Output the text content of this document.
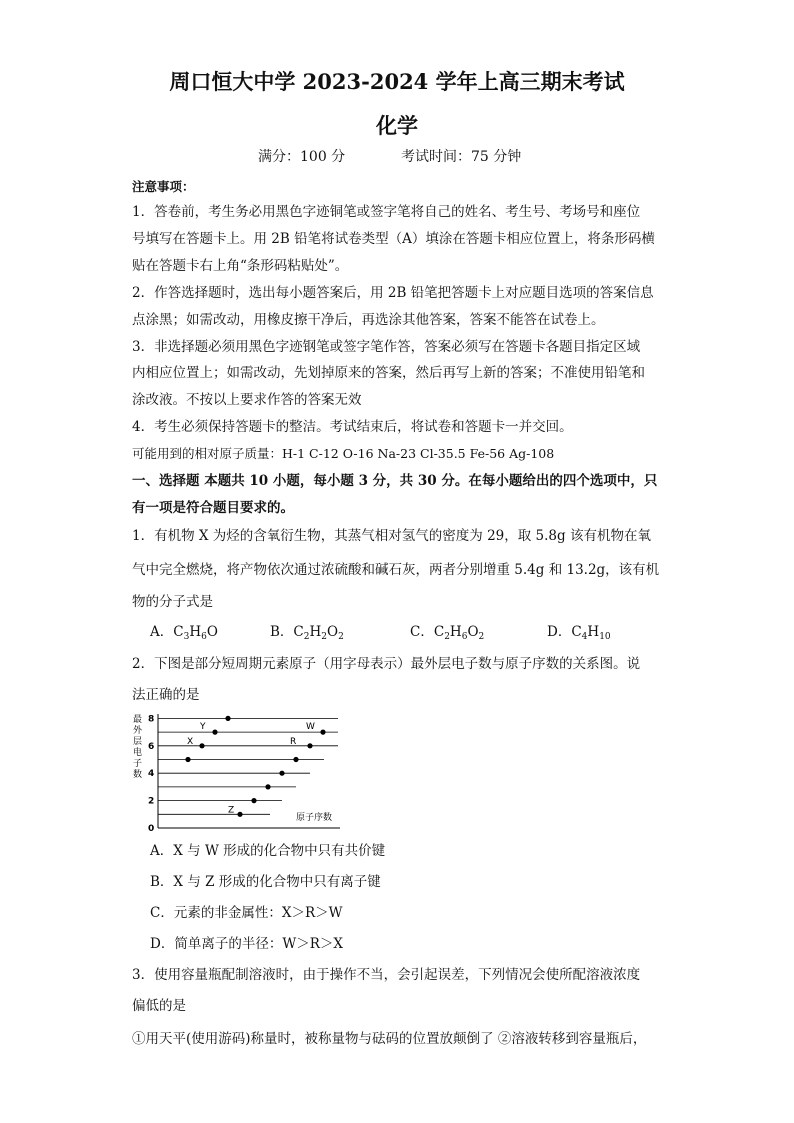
周口恒大中学 2023-2024 学年上高三期末考试
化学
满分：100 分	考试时间：75 分钟
注意事项：
1．答卷前，考生务必用黑色字迹铜笔或签字笔将自己的姓名、考生号、考场号和座位
号填写在答题卡上。用 2B 铅笔将试卷类型（A）填涂在答题卡相应位置上，将条形码横
贴在答题卡右上角“条形码粘贴处”。
2．作答选择题时，选出每小题答案后，用 2B 铅笔把答题卡上对应题目选项的答案信息
点涂黑；如需改动，用橡皮擦干净后，再选涂其他答案，答案不能答在试卷上。
3．非选择题必须用黑色字迹钢笔或签字笔作答，答案必须写在答题卡各题目指定区域
内相应位置上；如需改动，先划掉原来的答案，然后再写上新的答案；不准使用铅笔和
涂改液。不按以上要求作答的答案无效
4．考生必须保持答题卡的整洁。考试结束后，将试卷和答题卡一并交回。
可能用到的相对原子质量：H-1 C-12 O-16 Na-23 Cl-35.5 Fe-56 Ag-108
一、选择题 本题共 10 小题，每小题 3 分，共 30 分。在每小题给出的四个选项中，只
有一项是符合题目要求的。
1．有机物 X 为烃的含氧衍生物，其蒸气相对氢气的密度为 29，取 5.8g 该有机物在氧
气中完全燃烧，将产物依次通过浓硫酸和碱石灰，两者分别增重 5.4g 和 13.2g，该有机
物的分子式是
A．$C_3H_6O$	B．$C_2H_2O_2$	C．$C_2H_6O_2$	D．$C_4H_{10}$
2．下图是部分短周期元素原子（用字母表示）最外层电子数与原子序数的关系图。说
法正确的是
最
外
层
电
子
数
0
2
4
6
8
Y
X
W
R
Z
原子序数
A．X 与 W 形成的化合物中只有共价键
B．X 与 Z 形成的化合物中只有离子键
C．元素的非金属性：X＞R＞W
D．简单离子的半径：W＞R＞X
3．使用容量瓶配制溶液时，由于操作不当，会引起误差，下列情况会使所配溶液浓度
偏低的是
①用天平(使用游码)称量时，被称量物与砝码的位置放颠倒了 ②溶液转移到容量瓶后，
